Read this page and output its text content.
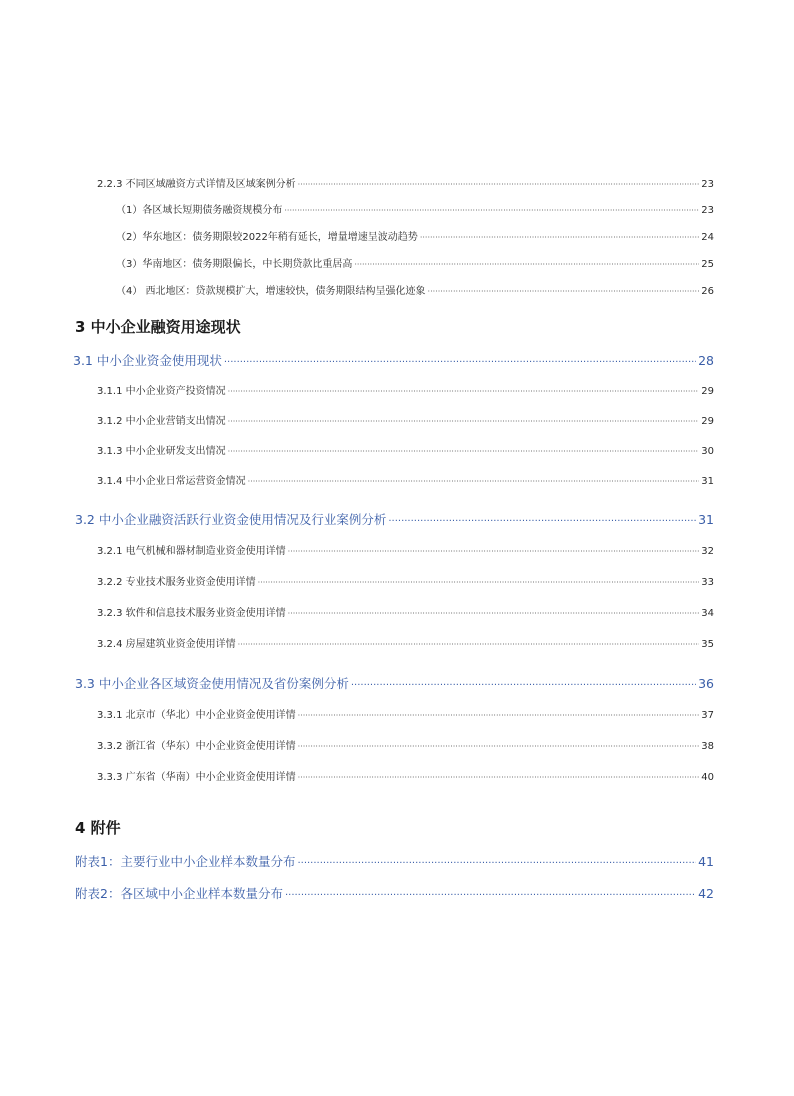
2.2.3 不同区域融资方式详情及区域案例分析 ·····	23
（1）各区域长短期债务融资规模分布 ·····	23
（2）华东地区：债务期限较2022年稍有延长，增量增速呈波动趋势 ·····	24
（3）华南地区：债务期限偏长，中长期贷款比重居高 ·····	25
（4） 西北地区：贷款规模扩大，增速较快，债务期限结构呈强化迹象 ·····	26
3 中小企业融资用途现状
3.1 中小企业资金使用现状 ·····	28
3.1.1 中小企业资产投资情况 ·····	29
3.1.2 中小企业营销支出情况 ·····	29
3.1.3 中小企业研发支出情况 ·····	30
3.1.4 中小企业日常运营资金情况 ·····	31
3.2 中小企业融资活跃行业资金使用情况及行业案例分析 ·····	31
3.2.1 电气机械和器材制造业资金使用详情 ·····	32
3.2.2 专业技术服务业资金使用详情 ·····	33
3.2.3 软件和信息技术服务业资金使用详情 ·····	34
3.2.4 房屋建筑业资金使用详情 ·····	35
3.3 中小企业各区域资金使用情况及省份案例分析 ·····	36
3.3.1 北京市（华北）中小企业资金使用详情 ·····	37
3.3.2 浙江省（华东）中小企业资金使用详情 ·····	38
3.3.3 广东省（华南）中小企业资金使用详情 ·····	40
4 附件
附表1：主要行业中小企业样本数量分布 ·····	41
附表2：各区域中小企业样本数量分布 ·····	42
